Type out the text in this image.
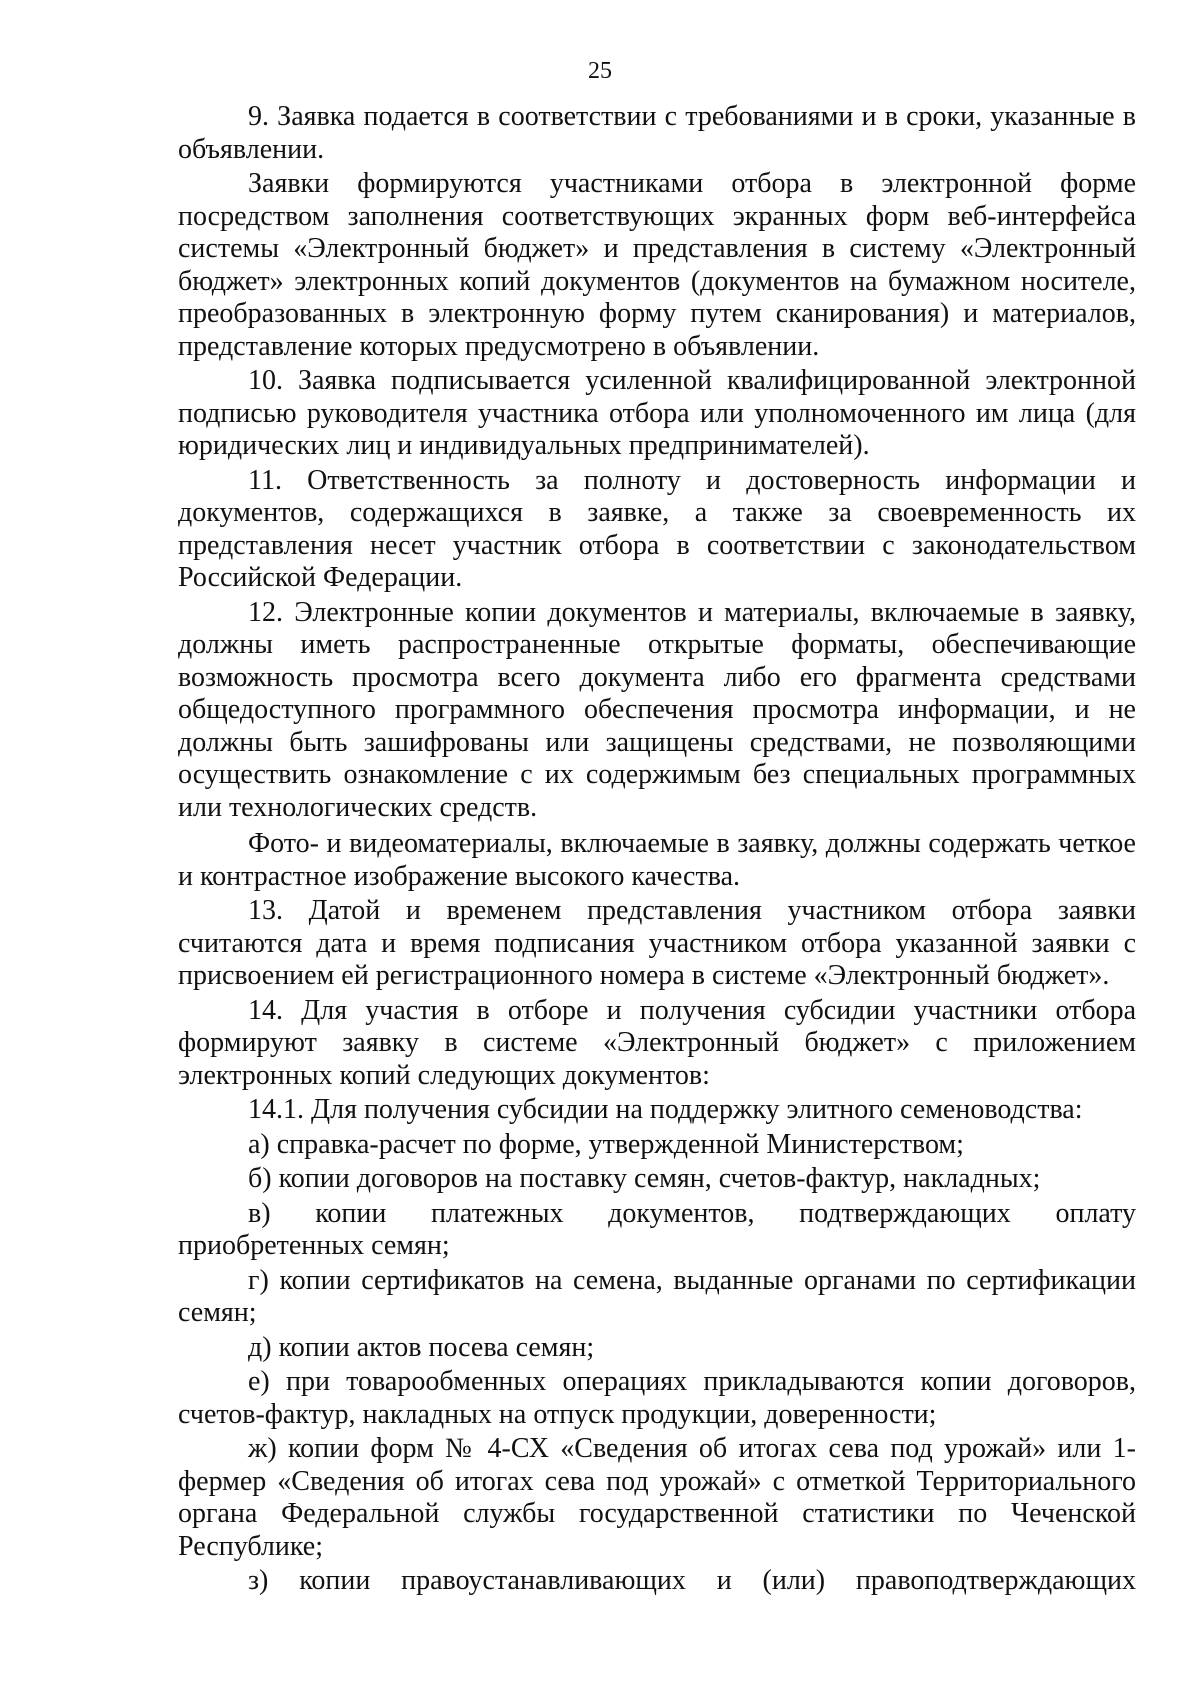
25

9. Заявка подается в соответствии с требованиями и в сроки, указанные в объявлении.

Заявки формируются участниками отбора в электронной форме посредством заполнения соответствующих экранных форм веб-интерфейса системы «Электронный бюджет» и представления в систему «Электронный бюджет» электронных копий документов (документов на бумажном носителе, преобразованных в электронную форму путем сканирования) и материалов, представление которых предусмотрено в объявлении.

10. Заявка подписывается усиленной квалифицированной электронной подписью руководителя участника отбора или уполномоченного им лица (для юридических лиц и индивидуальных предпринимателей).

11. Ответственность за полноту и достоверность информации и документов, содержащихся в заявке, а также за своевременность их представления несет участник отбора в соответствии с законодательством Российской Федерации.

12. Электронные копии документов и материалы, включаемые в заявку, должны иметь распространенные открытые форматы, обеспечивающие возможность просмотра всего документа либо его фрагмента средствами общедоступного программного обеспечения просмотра информации, и не должны быть зашифрованы или защищены средствами, не позволяющими осуществить ознакомление с их содержимым без специальных программных или технологических средств.

Фото- и видеоматериалы, включаемые в заявку, должны содержать четкое и контрастное изображение высокого качества.

13. Датой и временем представления участником отбора заявки считаются дата и время подписания участником отбора указанной заявки с присвоением ей регистрационного номера в системе «Электронный бюджет».

14. Для участия в отборе и получения субсидии участники отбора формируют заявку в системе «Электронный бюджет» с приложением электронных копий следующих документов:

14.1. Для получения субсидии на поддержку элитного семеноводства:

а) справка-расчет по форме, утвержденной Министерством;

б) копии договоров на поставку семян, счетов-фактур, накладных;

в) копии платежных документов, подтверждающих оплату приобретенных семян;

г) копии сертификатов на семена, выданные органами по сертификации семян;

д) копии актов посева семян;

е) при товарообменных операциях прикладываются копии договоров, счетов-фактур, накладных на отпуск продукции, доверенности;

ж) копии форм № 4-СХ «Сведения об итогах сева под урожай» или 1-фермер «Сведения об итогах сева под урожай» с отметкой Территориального органа Федеральной службы государственной статистики по Чеченской Республике;

з) копии правоустанавливающих и (или) правоподтверждающих
